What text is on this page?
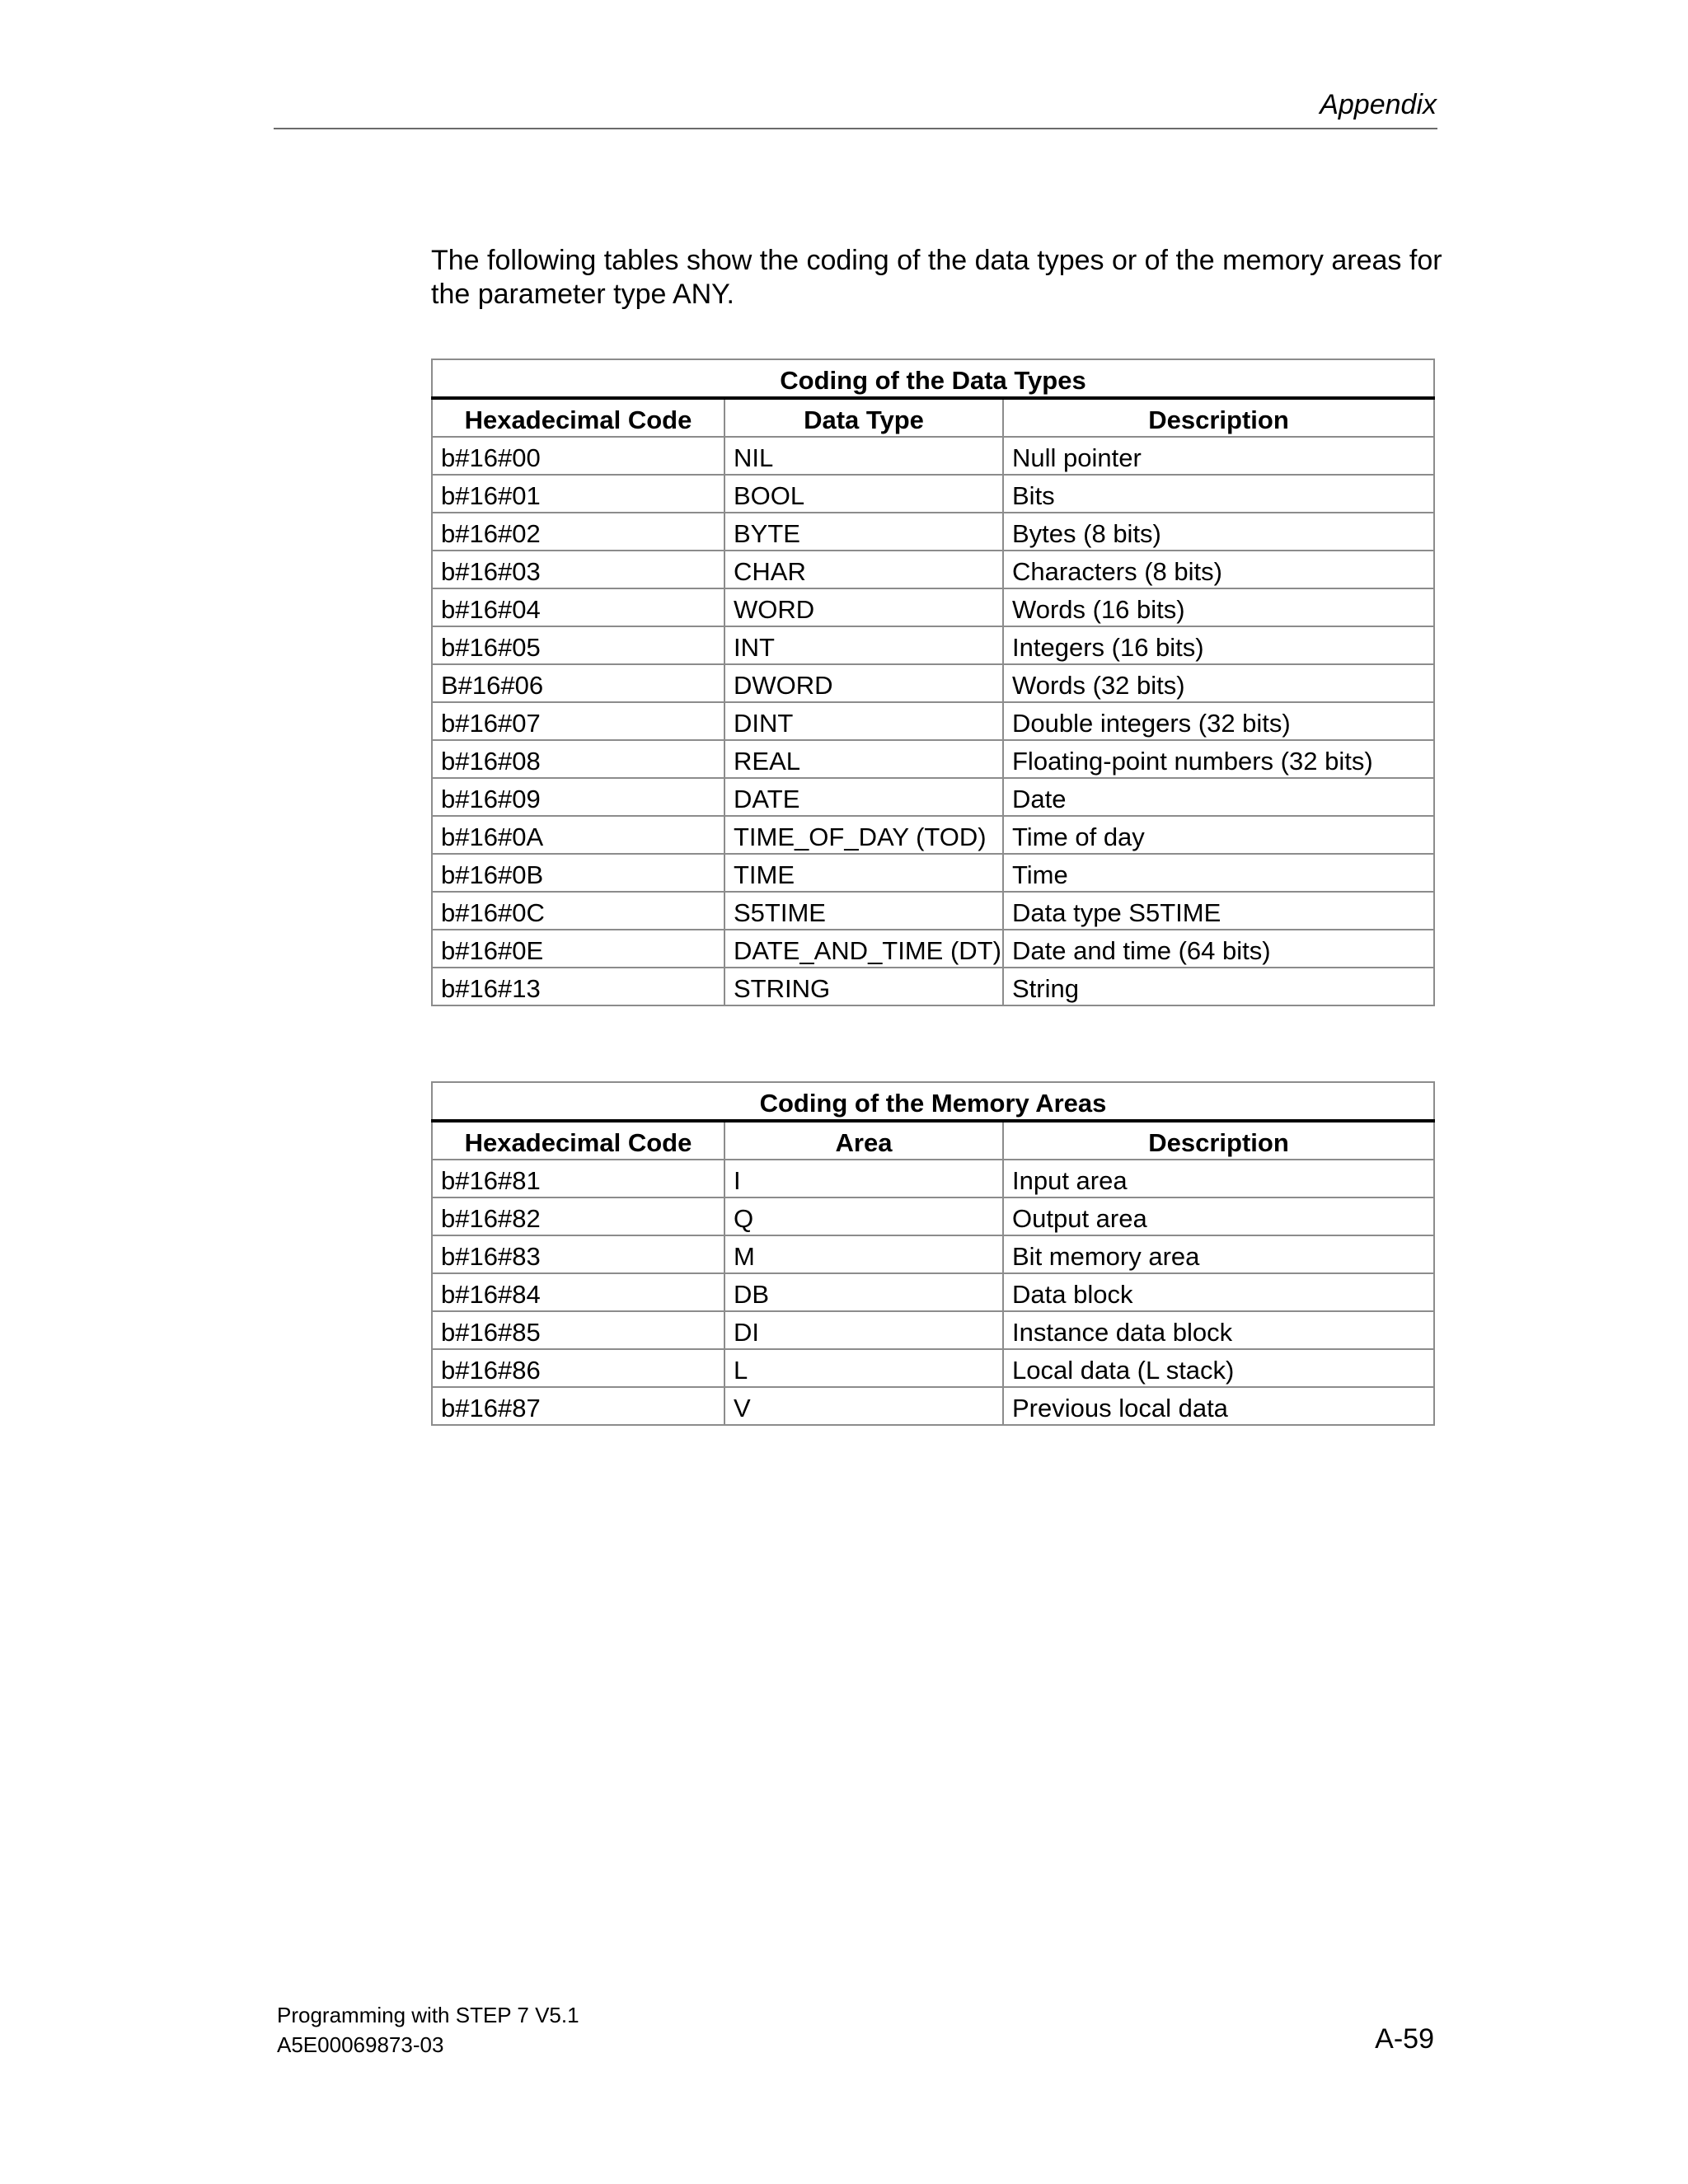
Appendix

The following tables show the coding of the data types or of the memory areas for the parameter type ANY.

Coding of the Data Types		
Hexadecimal Code	Data Type	Description
b#16#00	NIL	Null pointer
b#16#01	BOOL	Bits
b#16#02	BYTE	Bytes (8 bits)
b#16#03	CHAR	Characters (8 bits)
b#16#04	WORD	Words (16 bits)
b#16#05	INT	Integers (16 bits)
B#16#06	DWORD	Words (32 bits)
b#16#07	DINT	Double integers (32 bits)
b#16#08	REAL	Floating-point numbers (32 bits)
b#16#09	DATE	Date
b#16#0A	TIME_OF_DAY (TOD)	Time of day
b#16#0B	TIME	Time
b#16#0C	S5TIME	Data type S5TIME
b#16#0E	DATE_AND_TIME (DT)	Date and time (64 bits)
b#16#13	STRING	String
Coding of the Memory Areas		
Hexadecimal Code	Area	Description
b#16#81	I	Input area
b#16#82	Q	Output area
b#16#83	M	Bit memory area
b#16#84	DB	Data block
b#16#85	DI	Instance data block
b#16#86	L	Local data (L stack)
b#16#87	V	Previous local data
Programming with STEP 7 V5.1
A5E00069873-03	A-59
